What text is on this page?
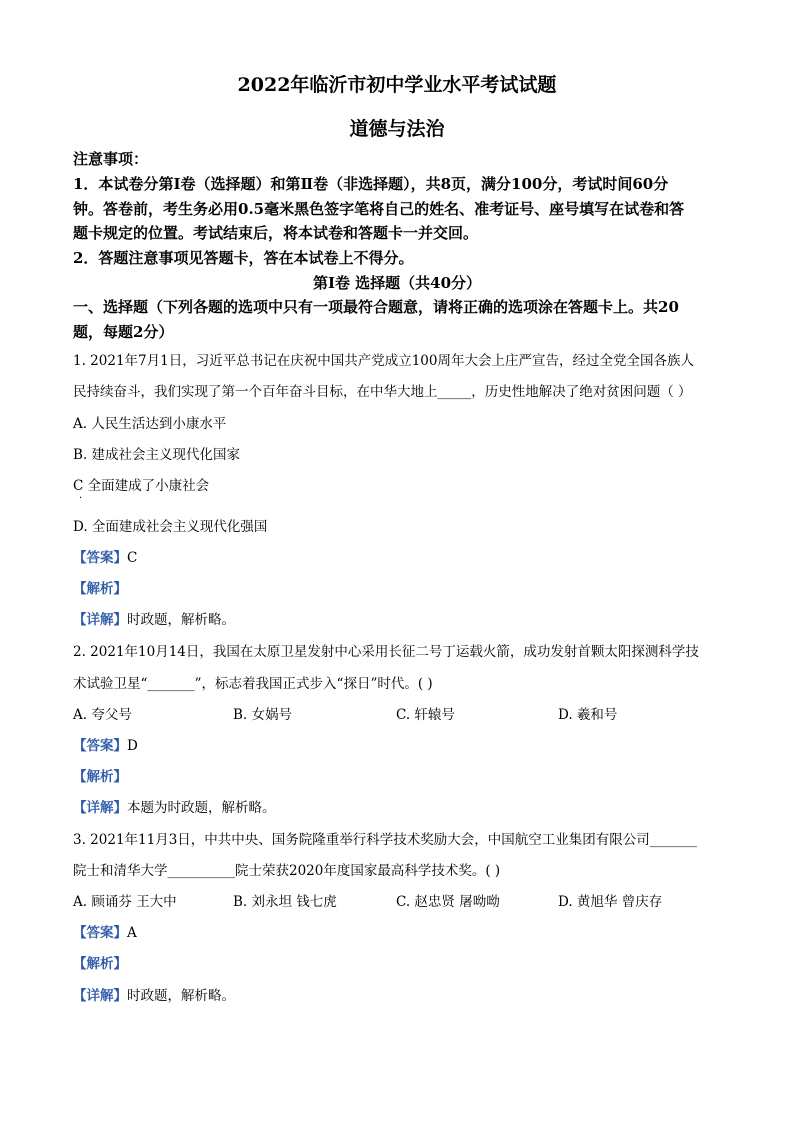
2022年临沂市初中学业水平考试试题
道德与法治
注意事项：
1．本试卷分第Ⅰ卷（选择题）和第Ⅱ卷（非选择题），共8页，满分100分，考试时间60分
钟。答卷前，考生务必用0.5毫米黑色签字笔将自己的姓名、准考证号、座号填写在试卷和答
题卡规定的位置。考试结束后，将本试卷和答题卡一并交回。
2．答题注意事项见答题卡，答在本试卷上不得分。
第Ⅰ卷 选择题（共40分）
一、选择题（下列各题的选项中只有一项最符合题意，请将正确的选项涂在答题卡上。共20
题，每题2分）
1. 2021年7月1日，习近平总书记在庆祝中国共产党成立100周年大会上庄严宣告，经过全党全国各族人
民持续奋斗，我们实现了第一个百年奋斗目标，在中华大地上_____，历史性地解决了绝对贫困问题（ ）
A. 人民生活达到小康水平
B. 建成社会主义现代化国家
C 全面建成了小康社会
·
D. 全面建成社会主义现代化强国
【答案】C
【解析】
【详解】时政题，解析略。
2. 2021年10月14日，我国在太原卫星发射中心采用长征二号丁运载火箭，成功发射首颗太阳探测科学技
术试验卫星“_______”，标志着我国正式步入“探日”时代。( )
A. 夸父号	B. 女娲号	C. 轩辕号	D. 羲和号
【答案】D
【解析】
【详解】本题为时政题，解析略。
3. 2021年11月3日，中共中央、国务院隆重举行科学技术奖励大会，中国航空工业集团有限公司_______
院士和清华大学__________院士荣获2020年度国家最高科学技术奖。( )
A. 顾诵芬 王大中	B. 刘永坦 钱七虎	C. 赵忠贤 屠呦呦	D. 黄旭华 曾庆存
【答案】A
【解析】
【详解】时政题，解析略。
